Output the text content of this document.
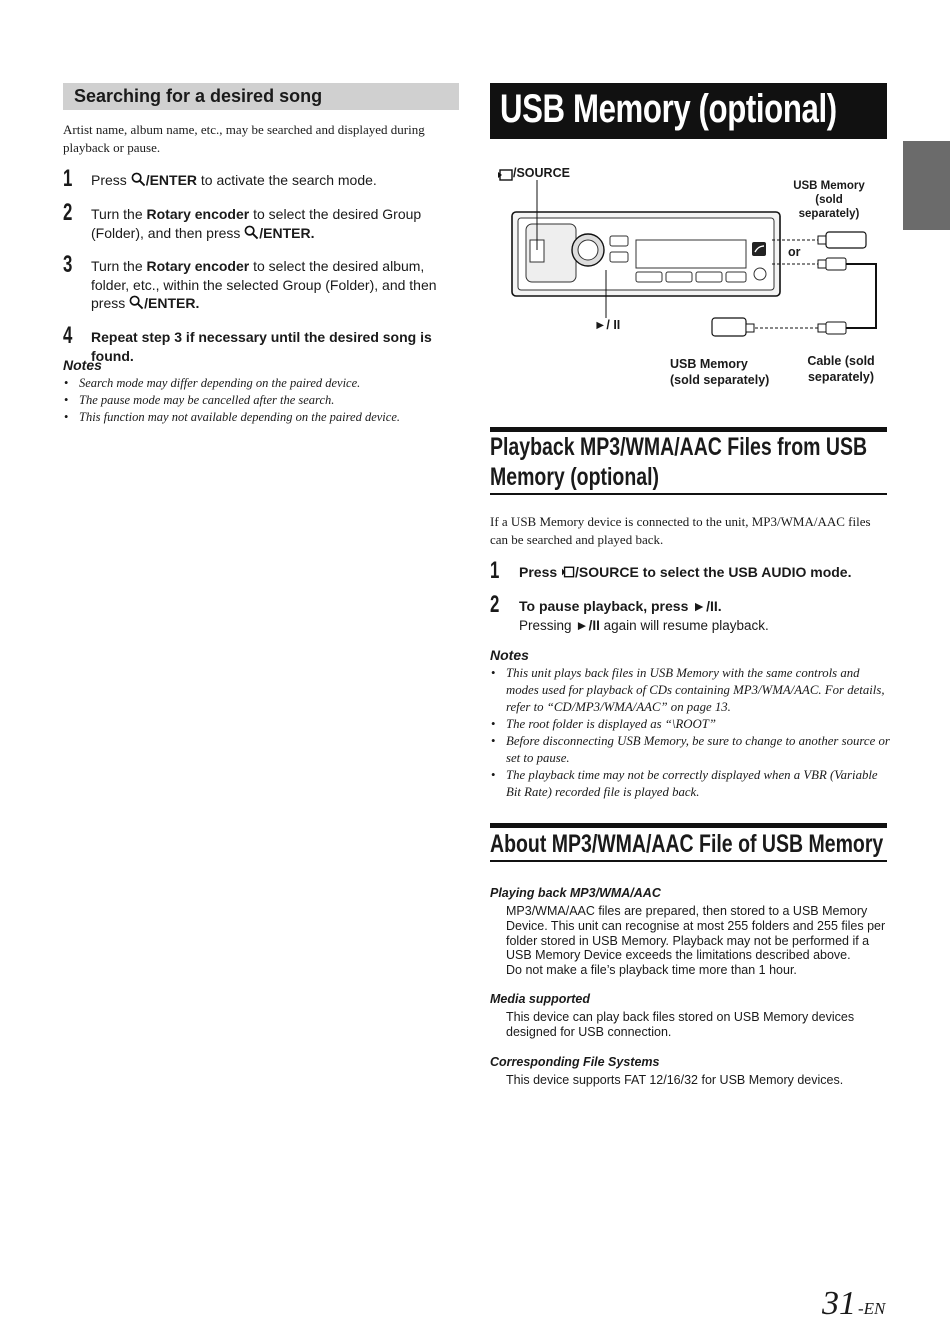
Searching for a desired song
Artist name, album name, etc., may be searched and displayed during playback or pause.
1 Press /ENTER to activate the search mode.
2 Turn the Rotary encoder to select the desired Group
(Folder), and then press /ENTER.
3 Turn the Rotary encoder to select the desired album,
folder, etc., within the selected Group (Folder), and then
press /ENTER.
4 Repeat step 3 if necessary until the desired song is found.
Notes
• Search mode may differ depending on the paired device.
• The pause mode may be cancelled after the search.
• This function may not available depending on the paired device.
USB Memory (optional)
/SOURCE
USB Memory
(sold separately)
or
►/ II
USB Memory
(sold separately)
Cable (sold
separately)
Playback MP3/WMA/AAC Files from USB
Memory (optional)
If a USB Memory device is connected to the unit, MP3/WMA/AAC files can be searched and played back.
1 Press /SOURCE to select the USB AUDIO mode.
2 To pause playback, press ►/II.
Pressing ►/II again will resume playback.
Notes
• This unit plays back files in USB Memory with the same controls and modes used for playback of CDs containing MP3/WMA/AAC. For details, refer to “CD/MP3/WMA/AAC” on page 13.
• The root folder is displayed as “\ROOT”
• Before disconnecting USB Memory, be sure to change to another source or set to pause.
• The playback time may not be correctly displayed when a VBR (Variable Bit Rate) recorded file is played back.
About MP3/WMA/AAC File of USB Memory
Playing back MP3/WMA/AAC
MP3/WMA/AAC files are prepared, then stored to a USB Memory Device. This unit can recognise at most 255 folders and 255 files per folder stored in USB Memory. Playback may not be performed if a USB Memory Device exceeds the limitations described above.
Do not make a file’s playback time more than 1 hour.
Media supported
This device can play back files stored on USB Memory devices designed for USB connection.
Corresponding File Systems
This device supports FAT 12/16/32 for USB Memory devices.
31 -EN
